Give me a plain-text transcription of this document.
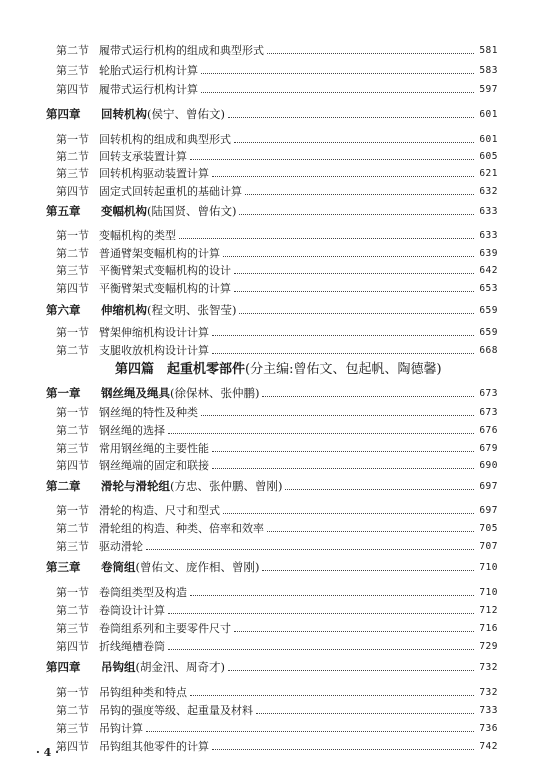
第二节 履带式运行机构的组成和典型形式	581
第三节 轮胎式运行机构计算	583
第四节 履带式运行机构计算	597
第四章 回转机构(侯宁、曾佑文)	601
第一节 回转机构的组成和典型形式	601
第二节 回转支承装置计算	605
第三节 回转机构驱动装置计算	621
第四节 固定式回转起重机的基础计算	632
第五章 变幅机构(陆国贤、曾佑文)	633
第一节 变幅机构的类型	633
第二节 普通臂架变幅机构的计算	639
第三节 平衡臂架式变幅机构的设计	642
第四节 平衡臂架式变幅机构的计算	653
第六章 伸缩机构(程文明、张智莹)	659
第一节 臂架伸缩机构设计计算	659
第二节 支腿收放机构设计计算	668
第四篇   起重机零部件(分主编:曾佑文、包起帆、陶德馨)
第一章 钢丝绳及绳具(徐保林、张仲鹏)	673
第一节 钢丝绳的特性及种类	673
第二节 钢丝绳的选择	676
第三节 常用钢丝绳的主要性能	679
第四节 钢丝绳端的固定和联接	690
第二章 滑轮与滑轮组(方忠、张仲鹏、曾刚)	697
第一节 滑轮的构造、尺寸和型式	697
第二节 滑轮组的构造、种类、倍率和效率	705
第三节 驱动滑轮	707
第三章 卷筒组(曾佑文、庞作相、曾刚)	710
第一节 卷筒组类型及构造	710
第二节 卷筒设计计算	712
第三节 卷筒组系列和主要零件尺寸	716
第四节 折线绳槽卷筒	729
第四章 吊钩组(胡金汛、周奇才)	732
第一节 吊钩组种类和特点	732
第二节 吊钩的强度等级、起重量及材料	733
第三节 吊钩计算	736
第四节 吊钩组其他零件的计算	742
· 4 ·
